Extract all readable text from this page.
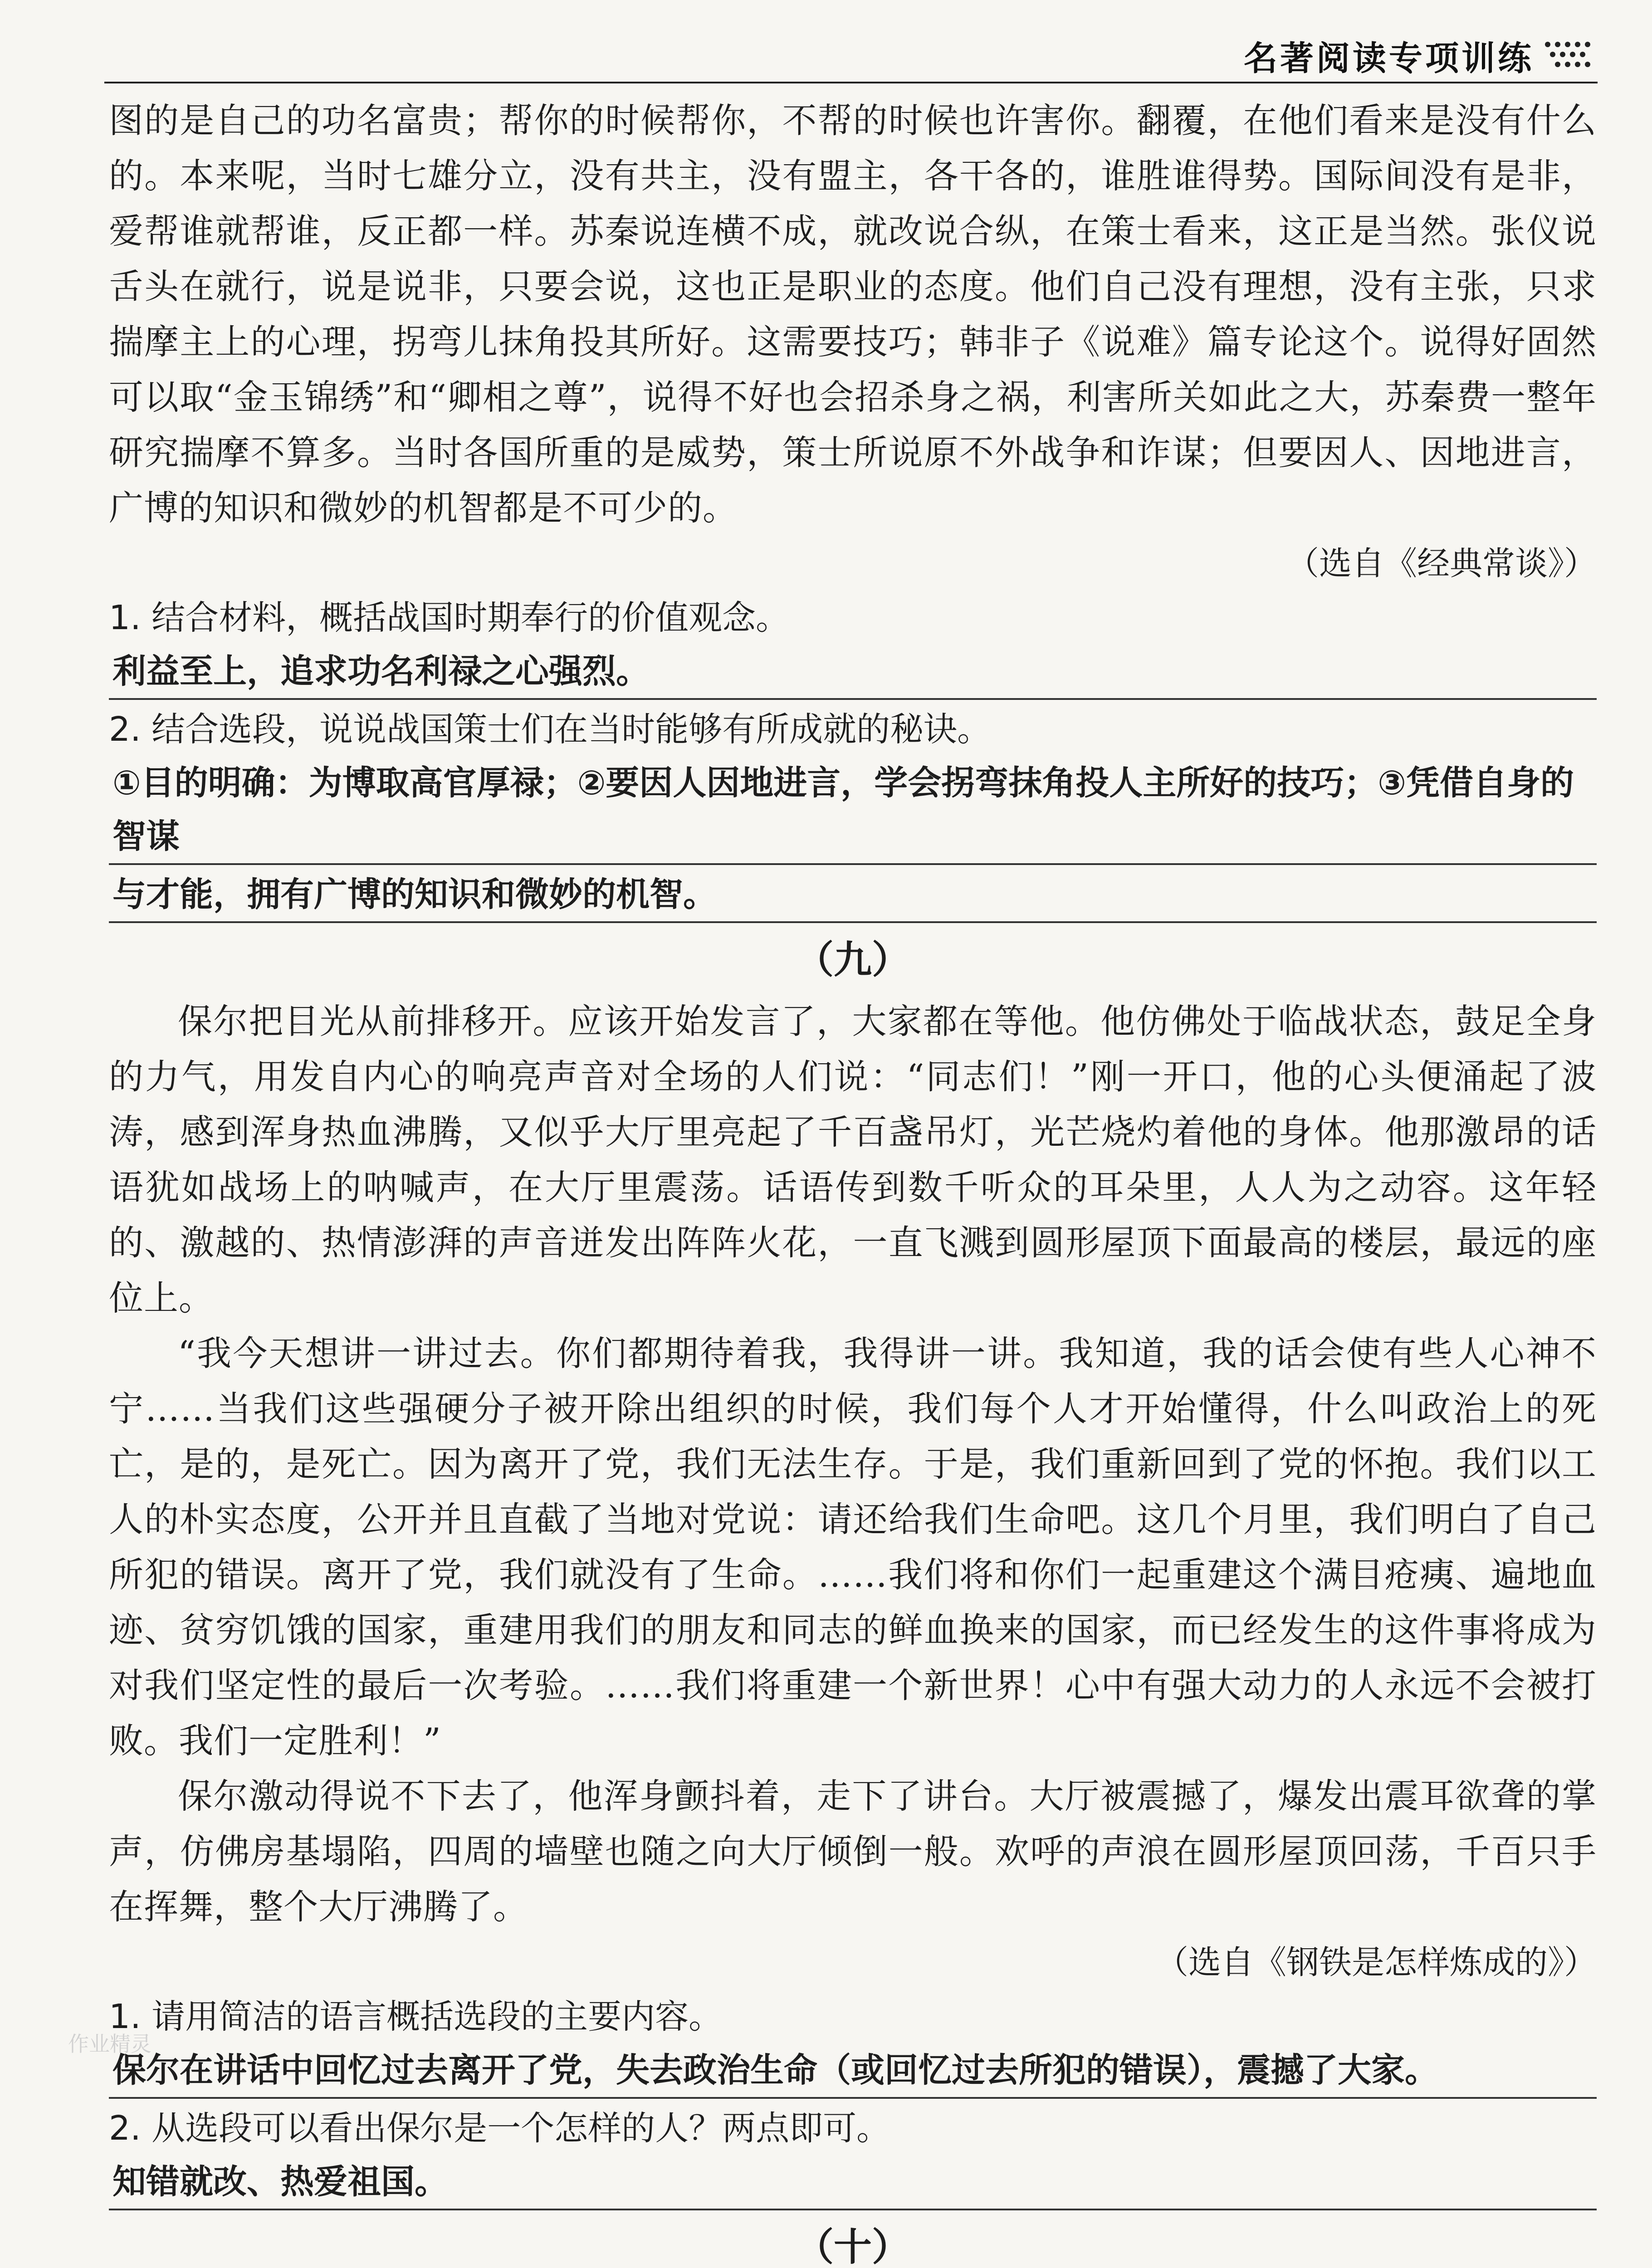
名著阅读专项训练

图的是自己的功名富贵；帮你的时候帮你，不帮的时候也许害你。翻覆，在他们看来是没有什么的。本来呢，当时七雄分立，没有共主，没有盟主，各干各的，谁胜谁得势。国际间没有是非，爱帮谁就帮谁，反正都一样。苏秦说连横不成，就改说合纵，在策士看来，这正是当然。张仪说舌头在就行，说是说非，只要会说，这也正是职业的态度。他们自己没有理想，没有主张，只求揣摩主上的心理，拐弯儿抹角投其所好。这需要技巧；韩非子《说难》篇专论这个。说得好固然可以取“金玉锦绣”和“卿相之尊”，说得不好也会招杀身之祸，利害所关如此之大，苏秦费一整年研究揣摩不算多。当时各国所重的是威势，策士所说原不外战争和诈谋；但要因人、因地进言，广博的知识和微妙的机智都是不可少的。

（选自《经典常谈》）

1. 结合材料，概括战国时期奉行的价值观念。

利益至上，追求功名利禄之心强烈。

2. 结合选段，说说战国策士们在当时能够有所成就的秘诀。

①目的明确：为博取高官厚禄；②要因人因地进言，学会拐弯抹角投人主所好的技巧；③凭借自身的智谋

与才能，拥有广博的知识和微妙的机智。

（九）

保尔把目光从前排移开。应该开始发言了，大家都在等他。他仿佛处于临战状态，鼓足全身的力气，用发自内心的响亮声音对全场的人们说：“同志们！”刚一开口，他的心头便涌起了波涛，感到浑身热血沸腾，又似乎大厅里亮起了千百盏吊灯，光芒烧灼着他的身体。他那激昂的话语犹如战场上的呐喊声，在大厅里震荡。话语传到数千听众的耳朵里，人人为之动容。这年轻的、激越的、热情澎湃的声音迸发出阵阵火花，一直飞溅到圆形屋顶下面最高的楼层，最远的座位上。

“我今天想讲一讲过去。你们都期待着我，我得讲一讲。我知道，我的话会使有些人心神不宁……当我们这些强硬分子被开除出组织的时候，我们每个人才开始懂得，什么叫政治上的死亡，是的，是死亡。因为离开了党，我们无法生存。于是，我们重新回到了党的怀抱。我们以工人的朴实态度，公开并且直截了当地对党说：请还给我们生命吧。这几个月里，我们明白了自己所犯的错误。离开了党，我们就没有了生命。……我们将和你们一起重建这个满目疮痍、遍地血迹、贫穷饥饿的国家，重建用我们的朋友和同志的鲜血换来的国家，而已经发生的这件事将成为对我们坚定性的最后一次考验。……我们将重建一个新世界！心中有强大动力的人永远不会被打败。我们一定胜利！”

保尔激动得说不下去了，他浑身颤抖着，走下了讲台。大厅被震撼了，爆发出震耳欲聋的掌声，仿佛房基塌陷，四周的墙壁也随之向大厅倾倒一般。欢呼的声浪在圆形屋顶回荡，千百只手在挥舞，整个大厅沸腾了。

（选自《钢铁是怎样炼成的》）

1. 请用简洁的语言概括选段的主要内容。

保尔在讲话中回忆过去离开了党，失去政治生命（或回忆过去所犯的错误），震撼了大家。

2. 从选段可以看出保尔是一个怎样的人？两点即可。

知错就改、热爱祖国。

（十）

作业精灵
